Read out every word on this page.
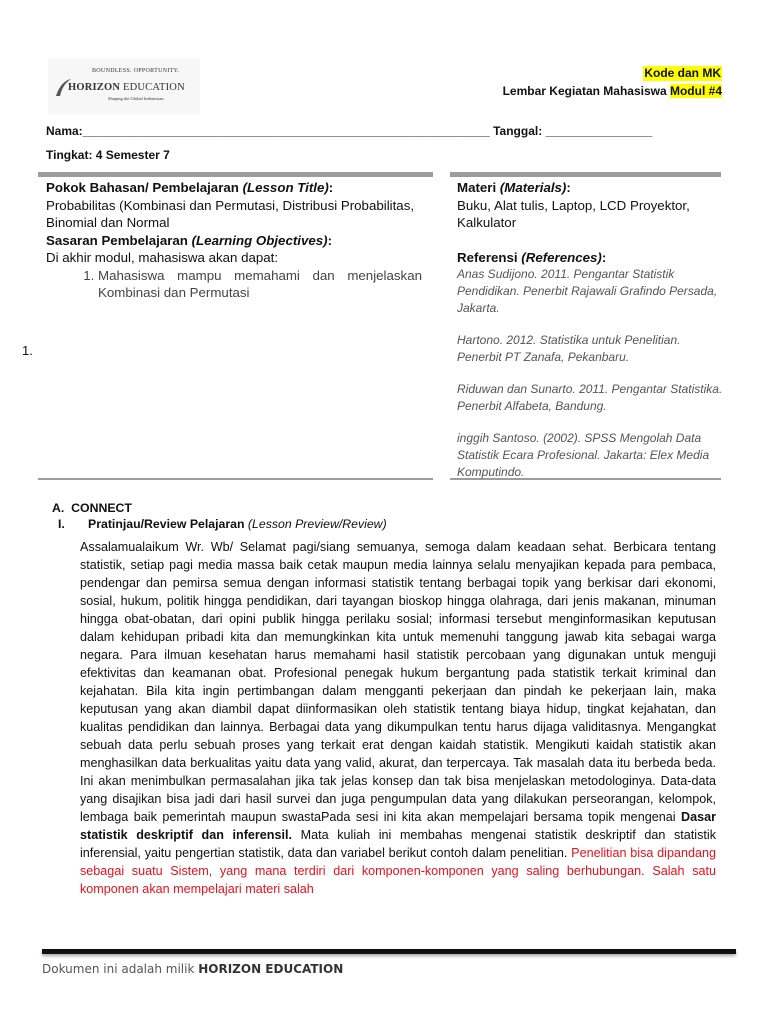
BOUNDLESS. OPPORTUNITY.
HORIZON EDUCATION
Shaping the Global Indonesian
Kode dan MK
Lembar Kegiatan Mahasiswa Modul #4
Nama:_____________________________________________________________ Tanggal: ________________
Tingkat: 4 Semester 7
Pokok Bahasan/ Pembelajaran (Lesson Title):
Probabilitas (Kombinasi dan Permutasi, Distribusi Probabilitas, Binomial dan Normal
Sasaran Pembelajaran (Learning Objectives):
Di akhir modul, mahasiswa akan dapat:
1. Mahasiswa mampu memahami dan menjelaskan Kombinasi dan Permutasi
1.
Materi (Materials):
Buku, Alat tulis, Laptop, LCD Proyektor, Kalkulator
Referensi (References):
Anas Sudijono. 2011. Pengantar Statistik Pendidikan. Penerbit Rajawali Grafindo Persada, Jakarta.
Hartono. 2012. Statistika untuk Penelitian. Penerbit PT Zanafa, Pekanbaru.
Riduwan dan Sunarto. 2011. Pengantar Statistika. Penerbit Alfabeta, Bandung.
inggih Santoso. (2002). SPSS Mengolah Data Statistik Ecara Profesional. Jakarta: Elex Media Komputindo.
A.  CONNECT
I. Pratinjau/Review Pelajaran (Lesson Preview/Review)
Assalamualaikum Wr. Wb/ Selamat pagi/siang semuanya, semoga dalam keadaan sehat. Berbicara tentang statistik, setiap pagi media massa baik cetak maupun media lainnya selalu menyajikan kepada para pembaca, pendengar dan pemirsa semua dengan informasi statistik tentang berbagai topik yang berkisar dari ekonomi, sosial, hukum, politik hingga pendidikan, dari tayangan bioskop hingga olahraga, dari jenis makanan, minuman hingga obat-obatan, dari opini publik hingga perilaku sosial; informasi tersebut menginformasikan keputusan dalam kehidupan pribadi kita dan memungkinkan kita untuk memenuhi tanggung jawab kita sebagai warga negara. Para ilmuan kesehatan harus memahami hasil statistik percobaan yang digunakan untuk menguji efektivitas dan keamanan obat. Profesional penegak hukum bergantung pada statistik terkait kriminal dan kejahatan. Bila kita ingin pertimbangan dalam mengganti pekerjaan dan pindah ke pekerjaan lain, maka keputusan yang akan diambil dapat diinformasikan oleh statistik tentang biaya hidup, tingkat kejahatan, dan kualitas pendidikan dan lainnya. Berbagai data yang dikumpulkan tentu harus dijaga validitasnya. Mengangkat sebuah data perlu sebuah proses yang terkait erat dengan kaidah statistik. Mengikuti kaidah statistik akan menghasilkan data berkualitas yaitu data yang valid, akurat, dan terpercaya. Tak masalah data itu berbeda beda. Ini akan menimbulkan permasalahan jika tak jelas konsep dan tak bisa menjelaskan metodologinya. Data-data yang disajikan bisa jadi dari hasil survei dan juga pengumpulan data yang dilakukan perseorangan, kelompok, lembaga baik pemerintah maupun swastaPada sesi ini kita akan mempelajari bersama topik mengenai Dasar statistik deskriptif dan inferensil. Mata kuliah ini membahas mengenai statistik deskriptif dan statistik inferensial, yaitu pengertian statistik, data dan variabel berikut contoh dalam penelitian. Penelitian bisa dipandang sebagai suatu Sistem, yang mana terdiri dari komponen-komponen yang saling berhubungan. Salah satu komponen akan mempelajari materi salah
Dokumen ini adalah milik HORIZON EDUCATION
